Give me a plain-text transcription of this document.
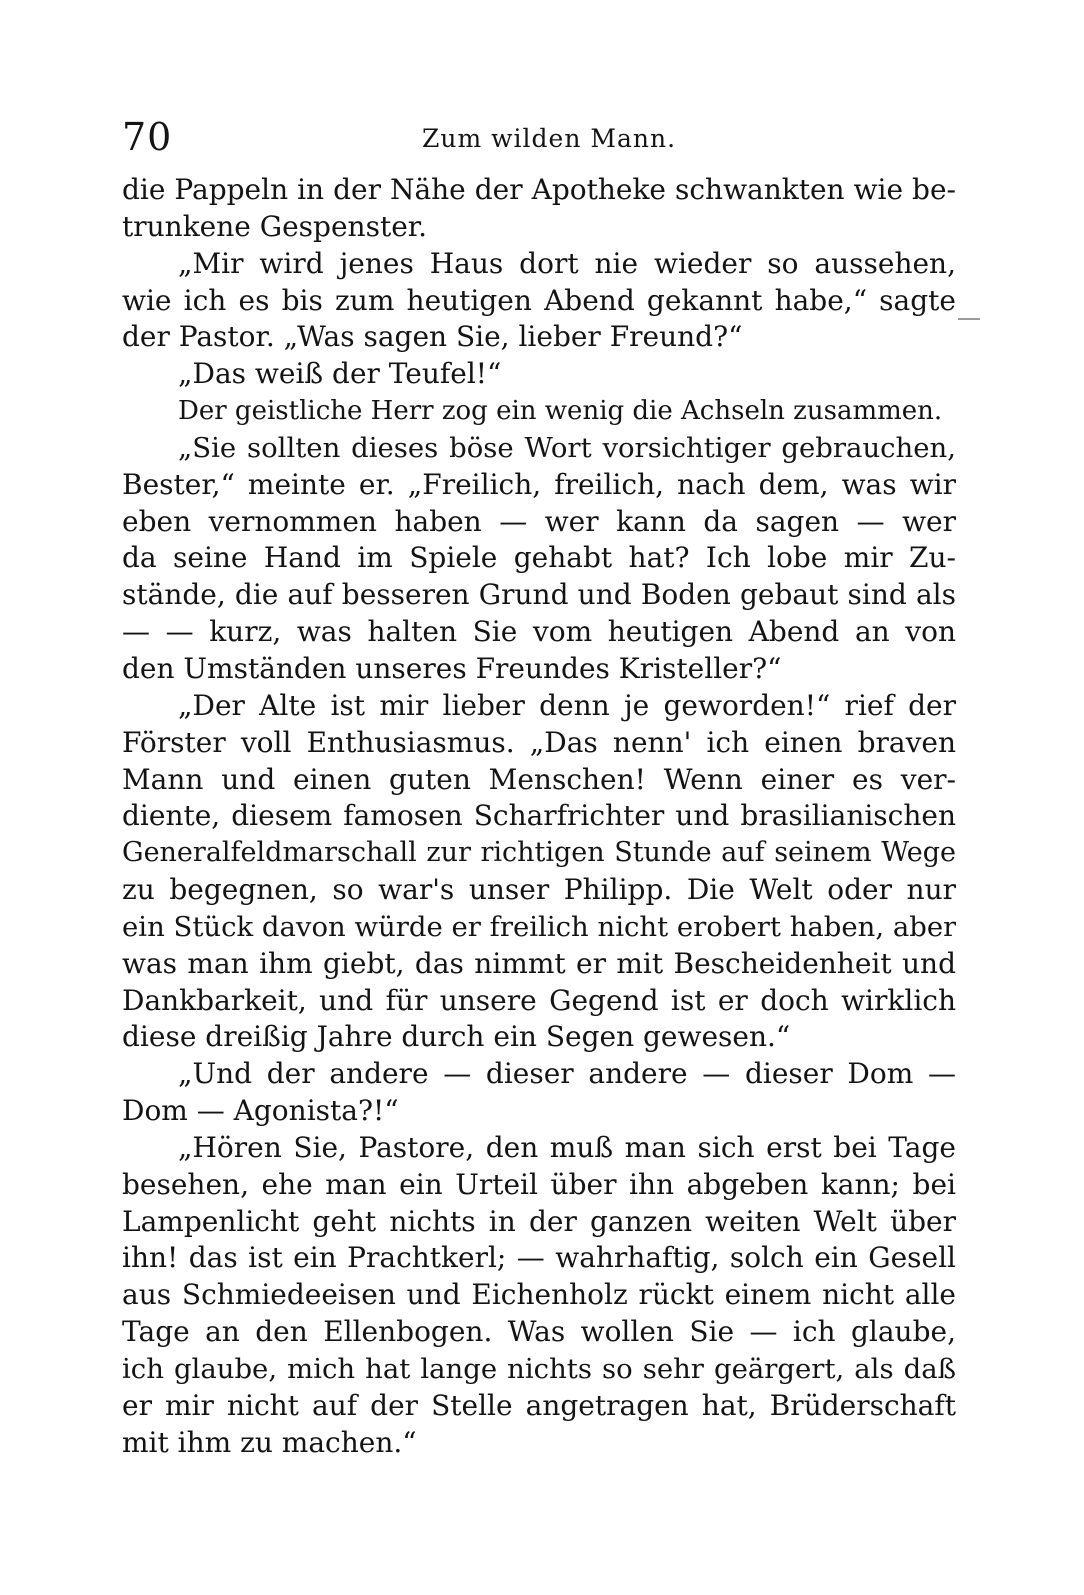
70	Zum wilden Mann.
die Pappeln in der Nähe der Apotheke schwankten wie be-
trunkene Gespenster.
„Mir wird jenes Haus dort nie wieder so aussehen,
wie ich es bis zum heutigen Abend gekannt habe,“ sagte
der Pastor. „Was sagen Sie, lieber Freund?“
„Das weiß der Teufel!“
Der geistliche Herr zog ein wenig die Achseln zusammen.
„Sie sollten dieses böse Wort vorsichtiger gebrauchen,
Bester,“ meinte er. „Freilich, freilich, nach dem, was wir
eben vernommen haben — wer kann da sagen — wer
da seine Hand im Spiele gehabt hat? Ich lobe mir Zu-
stände, die auf besseren Grund und Boden gebaut sind als
— — kurz, was halten Sie vom heutigen Abend an von
den Umständen unseres Freundes Kristeller?“
„Der Alte ist mir lieber denn je geworden!“ rief der
Förster voll Enthusiasmus. „Das nenn' ich einen braven
Mann und einen guten Menschen! Wenn einer es ver-
diente, diesem famosen Scharfrichter und brasilianischen
Generalfeldmarschall zur richtigen Stunde auf seinem Wege
zu begegnen, so war's unser Philipp. Die Welt oder nur
ein Stück davon würde er freilich nicht erobert haben, aber
was man ihm giebt, das nimmt er mit Bescheidenheit und
Dankbarkeit, und für unsere Gegend ist er doch wirklich
diese dreißig Jahre durch ein Segen gewesen.“
„Und der andere — dieser andere — dieser Dom —
Dom — Agonista?!“
„Hören Sie, Pastore, den muß man sich erst bei Tage
besehen, ehe man ein Urteil über ihn abgeben kann; bei
Lampenlicht geht nichts in der ganzen weiten Welt über
ihn! das ist ein Prachtkerl; — wahrhaftig, solch ein Gesell
aus Schmiedeeisen und Eichenholz rückt einem nicht alle
Tage an den Ellenbogen. Was wollen Sie — ich glaube,
ich glaube, mich hat lange nichts so sehr geärgert, als daß
er mir nicht auf der Stelle angetragen hat, Brüderschaft
mit ihm zu machen.“
